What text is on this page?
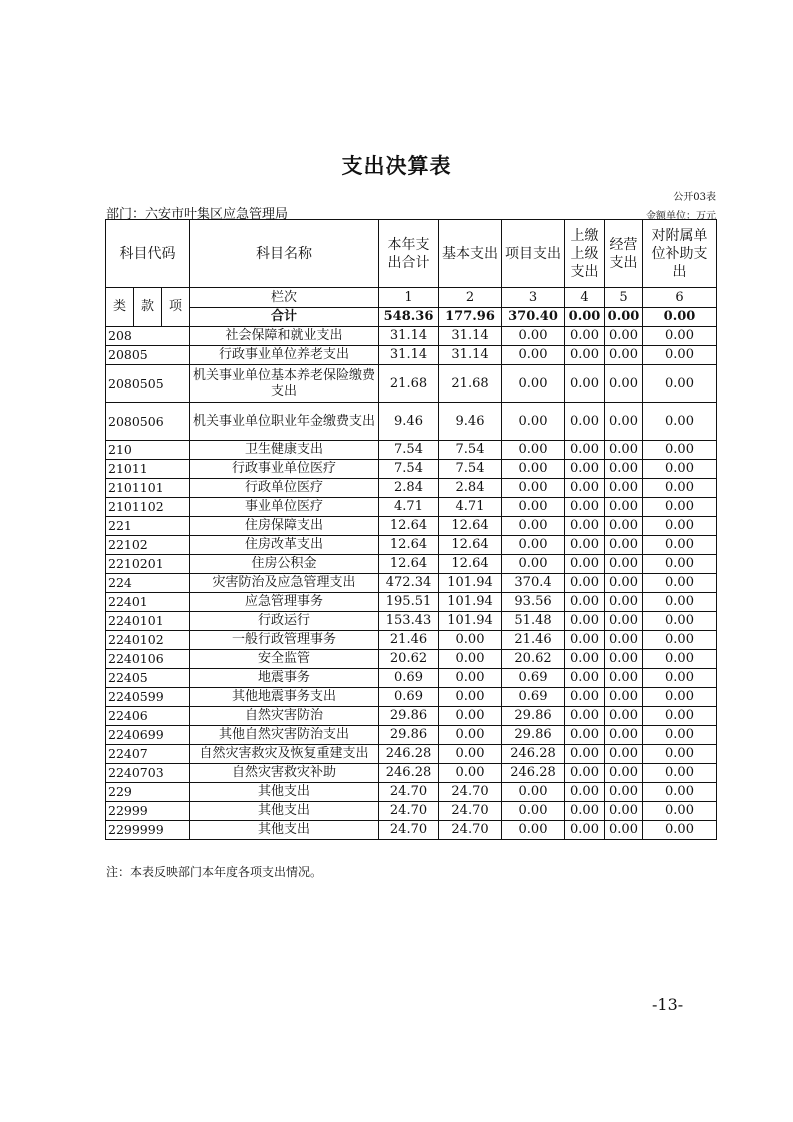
支出决算表
公开03表
部门：六安市叶集区应急管理局	金额单位：万元
科目代码			科目名称	本年支出合计	基本支出	项目支出	上缴上级支出	经营支出	对附属单位补助支出
类	款	项	栏次	1	2	3	4	5	6
			合计	548.36	177.96	370.40	0.00	0.00	0.00
208			社会保障和就业支出	31.14	31.14	0.00	0.00	0.00	0.00
20805			行政事业单位养老支出	31.14	31.14	0.00	0.00	0.00	0.00
2080505			机关事业单位基本养老保险缴费支出	21.68	21.68	0.00	0.00	0.00	0.00
2080506			机关事业单位职业年金缴费支出	9.46	9.46	0.00	0.00	0.00	0.00
210			卫生健康支出	7.54	7.54	0.00	0.00	0.00	0.00
21011			行政事业单位医疗	7.54	7.54	0.00	0.00	0.00	0.00
2101101			行政单位医疗	2.84	2.84	0.00	0.00	0.00	0.00
2101102			事业单位医疗	4.71	4.71	0.00	0.00	0.00	0.00
221			住房保障支出	12.64	12.64	0.00	0.00	0.00	0.00
22102			住房改革支出	12.64	12.64	0.00	0.00	0.00	0.00
2210201			住房公积金	12.64	12.64	0.00	0.00	0.00	0.00
224			灾害防治及应急管理支出	472.34	101.94	370.4	0.00	0.00	0.00
22401			应急管理事务	195.51	101.94	93.56	0.00	0.00	0.00
2240101			行政运行	153.43	101.94	51.48	0.00	0.00	0.00
2240102			一般行政管理事务	21.46	0.00	21.46	0.00	0.00	0.00
2240106			安全监管	20.62	0.00	20.62	0.00	0.00	0.00
22405			地震事务	0.69	0.00	0.69	0.00	0.00	0.00
2240599			其他地震事务支出	0.69	0.00	0.69	0.00	0.00	0.00
22406			自然灾害防治	29.86	0.00	29.86	0.00	0.00	0.00
2240699			其他自然灾害防治支出	29.86	0.00	29.86	0.00	0.00	0.00
22407			自然灾害救灾及恢复重建支出	246.28	0.00	246.28	0.00	0.00	0.00
2240703			自然灾害救灾补助	246.28	0.00	246.28	0.00	0.00	0.00
229			其他支出	24.70	24.70	0.00	0.00	0.00	0.00
22999			其他支出	24.70	24.70	0.00	0.00	0.00	0.00
2299999			其他支出	24.70	24.70	0.00	0.00	0.00	0.00
注：本表反映部门本年度各项支出情况。
-13-
